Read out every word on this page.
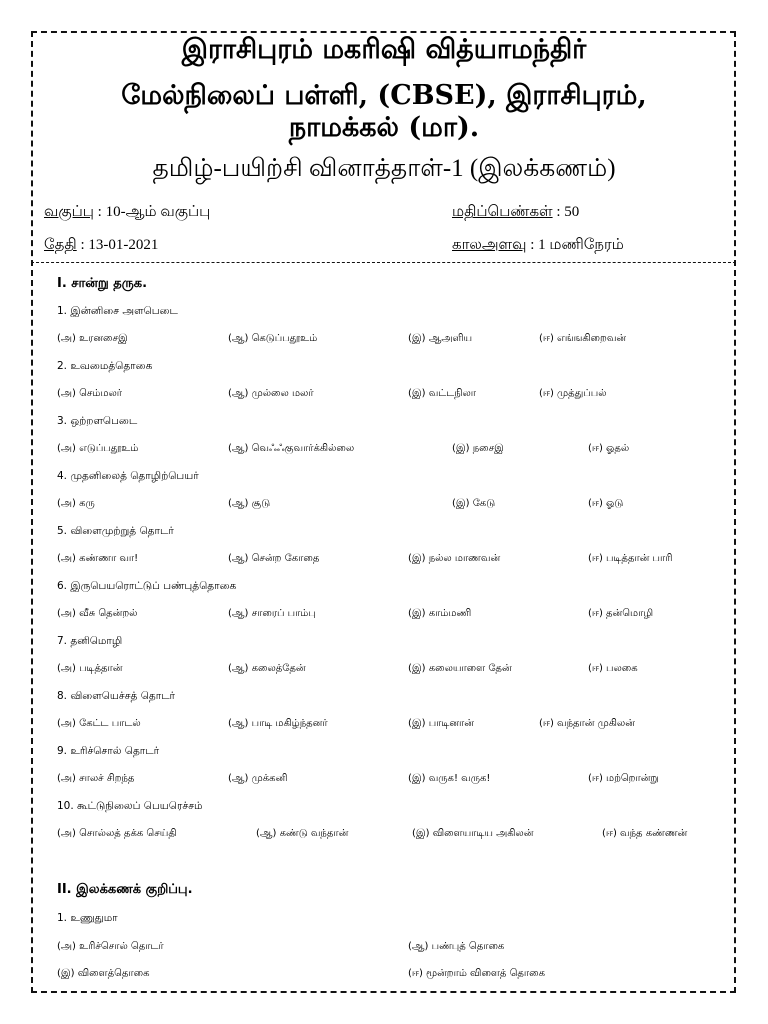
இராசிபுரம் மகரிஷி வித்யாமந்திர்
மேல்நிலைப் பள்ளி, (CBSE), இராசிபுரம்,
நாமக்கல் (மா).
தமிழ்-பயிற்சி வினாத்தாள்-1 (இலக்கணம்)
வகுப்பு : 10-ஆம் வகுப்பு	மதிப்பெண்கள் : 50
தேதி : 13-01-2021	காலஅளவு : 1 மணிநேரம்
I. சான்று தருக.
1. இன்னிசை அளபெடை
(அ) உரனசைஇ	(ஆ) கெடுப்பதூஉம்	(இ) ஆஅளிய	(ஈ) எங்ஙகிறைவன்
2. உவமைத்தொகை
(அ) செம்மலர்	(ஆ) முல்லை மலர்	(இ) வட்டநிலா	(ஈ) முத்துப்பல்
3. ஒற்றளபெடை
(அ) எடுப்பதூஉம்	(ஆ) வெஃஃகுவார்க்கில்லை	(இ) நசைஇ	(ஈ) ஓதல்
4. முதனிலைத் தொழிற்பெயர்
(அ) கரு	(ஆ) சூடு	(இ) கேடு	(ஈ) ஓடு
5. விளைமுற்றுத் தொடர்
(அ) கண்ணா வா!	(ஆ) சென்ற கோதை	(இ) நல்ல மாணவன்	(ஈ) படித்தான் பாரி
6. இருபெயரொட்டுப் பண்புத்தொகை
(அ) வீசு தென்றல்	(ஆ) சாரைப் பாம்பு	(இ) காம்மணி	(ஈ) தன்மொழி
7. தனிமொழி
(அ) படித்தான்	(ஆ) கலைத்தேன்	(இ) கலையாளை தேன்	(ஈ) பலகை
8. விளையெச்சத் தொடர்
(அ) கேட்ட பாடல்	(ஆ) பாடி மகிழ்ந்தனர்	(இ) பாடினான்	(ஈ) வந்தான் முகிலன்
9. உரிச்சொல் தொடர்
(அ) சாலச் சிறந்த	(ஆ) முக்கனி	(இ) வருக! வருக!	(ஈ) மற்றொன்று
10. கூட்டுநிலைப் பெயரெச்சம்
(அ) சொல்லத் தக்க செய்தி	(ஆ) கண்டு வந்தான்	(இ) விளையாடிய அகிலன்	(ஈ) வந்த கண்ணன்
II. இலக்கணக் குறிப்பு.
1. உணுதுமா
(அ) உரிச்சொல் தொடர்	(ஆ) பண்புத் தொகை
(இ) விளைத்தொகை	(ஈ) மூன்றாம் விளைத் தொகை
